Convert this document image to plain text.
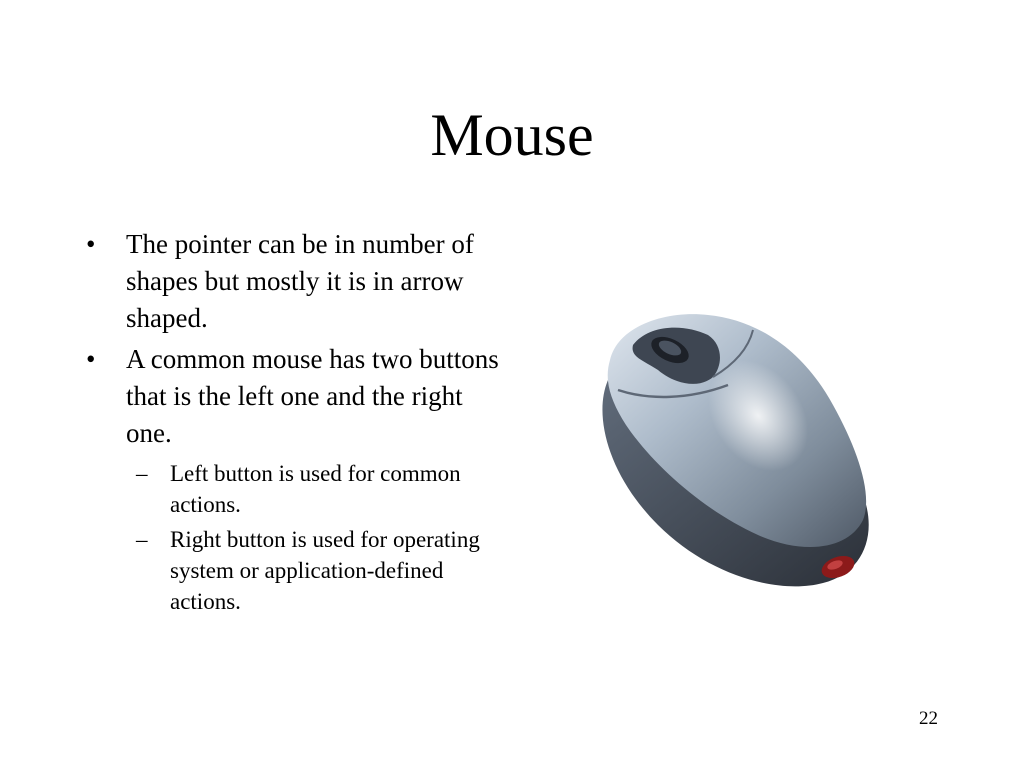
Mouse
• The pointer can be in number of shapes but mostly it is in arrow shaped.
• A common mouse has two buttons that is the left one and the right one.
– Left button is used for common actions.
– Right button is used for operating system or application-defined actions.
22
